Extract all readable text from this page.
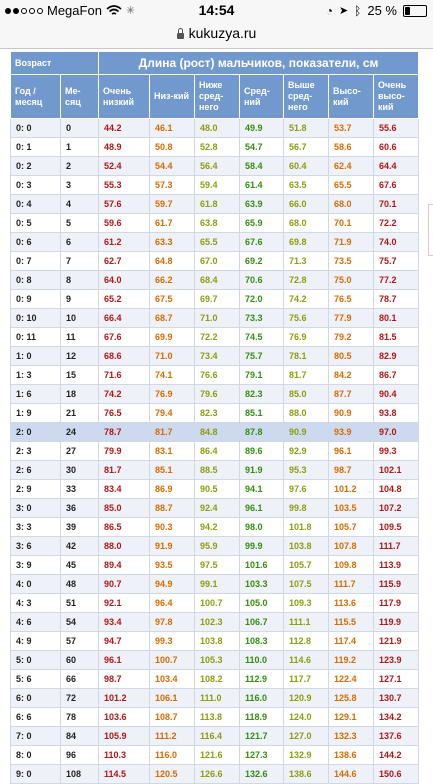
MegaFon ✳	14:54	◔ ➤ ᛒ 25 %
kukuzya.ru
Возраст		Длина (рост) мальчиков, показатели, см						
Год / месяц	Ме-сяц	Очень низкий	Низ-кий	Ниже сред-него	Сред-ний	Выше сред-него	Высо-кий	Очень высо-кий
0: 0	0	44.2	46.1	48.0	49.9	51.8	53.7	55.6
0: 1	1	48.9	50.8	52.8	54.7	56.7	58.6	60.6
0: 2	2	52.4	54.4	56.4	58.4	60.4	62.4	64.4
0: 3	3	55.3	57.3	59.4	61.4	63.5	65.5	67.6
0: 4	4	57.6	59.7	61.8	63.9	66.0	68.0	70.1
0: 5	5	59.6	61.7	63.8	65.9	68.0	70.1	72.2
0: 6	6	61.2	63.3	65.5	67.6	69.8	71.9	74.0
0: 7	7	62.7	64.8	67.0	69.2	71.3	73.5	75.7
0: 8	8	64.0	66.2	68.4	70.6	72.8	75.0	77.2
0: 9	9	65.2	67.5	69.7	72.0	74.2	76.5	78.7
0: 10	10	66.4	68.7	71.0	73.3	75.6	77.9	80.1
0: 11	11	67.6	69.9	72.2	74.5	76.9	79.2	81.5
1: 0	12	68.6	71.0	73.4	75.7	78.1	80.5	82.9
1: 3	15	71.6	74.1	76.6	79.1	81.7	84.2	86.7
1: 6	18	74.2	76.9	79.6	82.3	85.0	87.7	90.4
1: 9	21	76.5	79.4	82.3	85.1	88.0	90.9	93.8
2: 0	24	78.7	81.7	84.8	87.8	90.9	93.9	97.0
2: 3	27	79.9	83.1	86.4	89.6	92.9	96.1	99.3
2: 6	30	81.7	85.1	88.5	91.9	95.3	98.7	102.1
2: 9	33	83.4	86.9	90.5	94.1	97.6	101.2	104.8
3: 0	36	85.0	88.7	92.4	96.1	99.8	103.5	107.2
3: 3	39	86.5	90.3	94.2	98.0	101.8	105.7	109.5
3: 6	42	88.0	91.9	95.9	99.9	103.8	107.8	111.7
3: 9	45	89.4	93.5	97.5	101.6	105.7	109.8	113.9
4: 0	48	90.7	94.9	99.1	103.3	107.5	111.7	115.9
4: 3	51	92.1	96.4	100.7	105.0	109.3	113.6	117.9
4: 6	54	93.4	97.8	102.3	106.7	111.1	115.5	119.9
4: 9	57	94.7	99.3	103.8	108.3	112.8	117.4	121.9
5: 0	60	96.1	100.7	105.3	110.0	114.6	119.2	123.9
5: 6	66	98.7	103.4	108.2	112.9	117.7	122.4	127.1
6: 0	72	101.2	106.1	111.0	116.0	120.9	125.8	130.7
6: 6	78	103.6	108.7	113.8	118.9	124.0	129.1	134.2
7: 0	84	105.9	111.2	116.4	121.7	127.0	132.3	137.6
8: 0	96	110.3	116.0	121.6	127.3	132.9	138.6	144.2
9: 0	108	114.5	120.5	126.6	132.6	138.6	144.6	150.6
